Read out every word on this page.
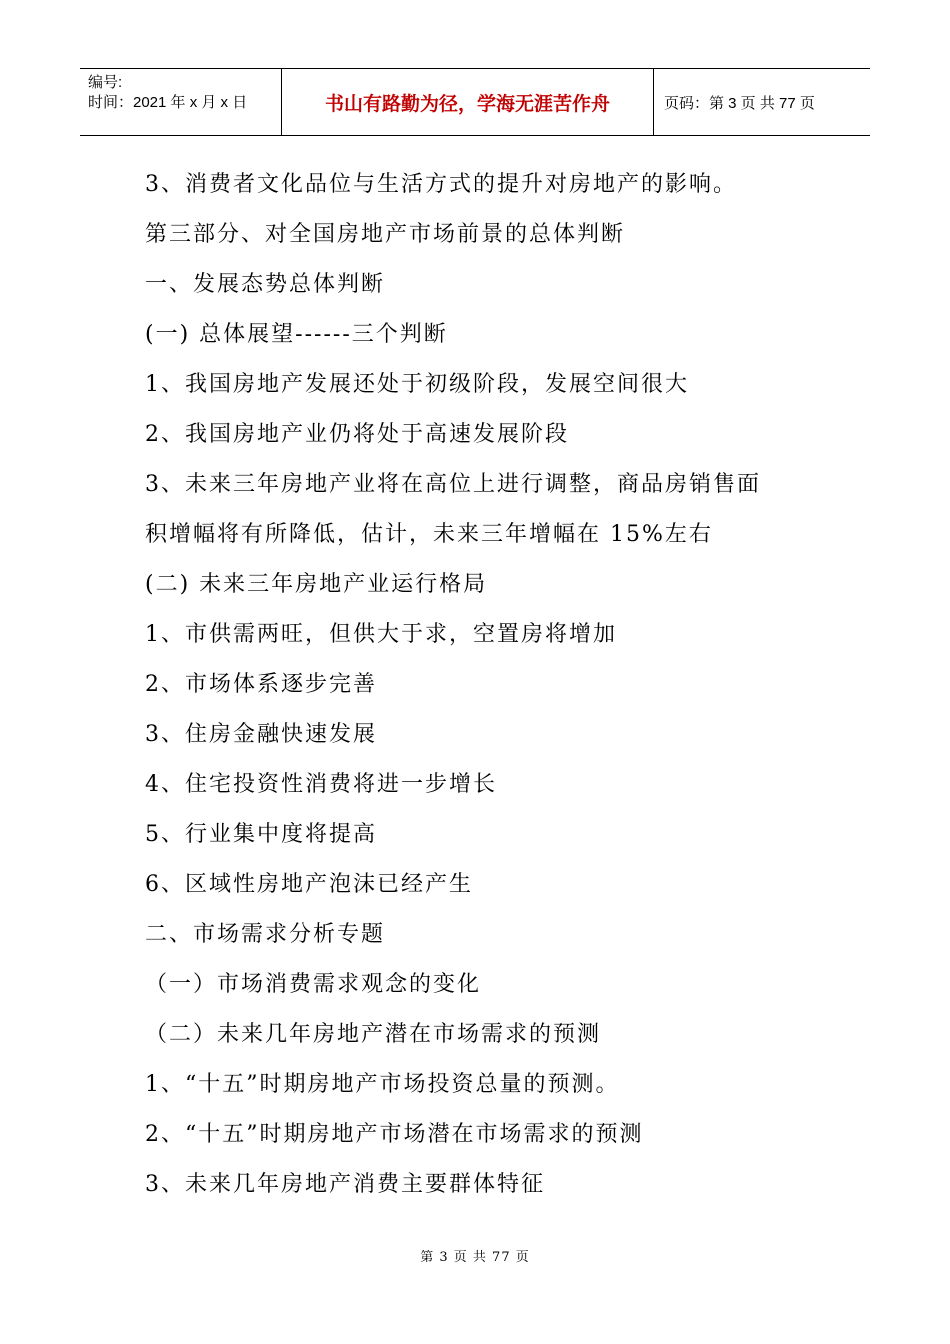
编号:
时间：2021 年 x 月 x 日	书山有路勤为径，学海无涯苦作舟	页码：第 3 页 共 77 页
3、消费者文化品位与生活方式的提升对房地产的影响。
第三部分、对全国房地产市场前景的总体判断
一、发展态势总体判断
(一) 总体展望------三个判断
1、我国房地产发展还处于初级阶段，发展空间很大
2、我国房地产业仍将处于高速发展阶段
3、未来三年房地产业将在高位上进行调整，商品房销售面
积增幅将有所降低，估计，未来三年增幅在 15%左右
(二) 未来三年房地产业运行格局
1、市供需两旺，但供大于求，空置房将增加
2、市场体系逐步完善
3、住房金融快速发展
4、住宅投资性消费将进一步增长
5、行业集中度将提高
6、区域性房地产泡沫已经产生
二、市场需求分析专题
（一）市场消费需求观念的变化
（二）未来几年房地产潜在市场需求的预测
1、“十五”时期房地产市场投资总量的预测。
2、“十五”时期房地产市场潜在市场需求的预测
3、未来几年房地产消费主要群体特征
第 3 页 共 77 页
